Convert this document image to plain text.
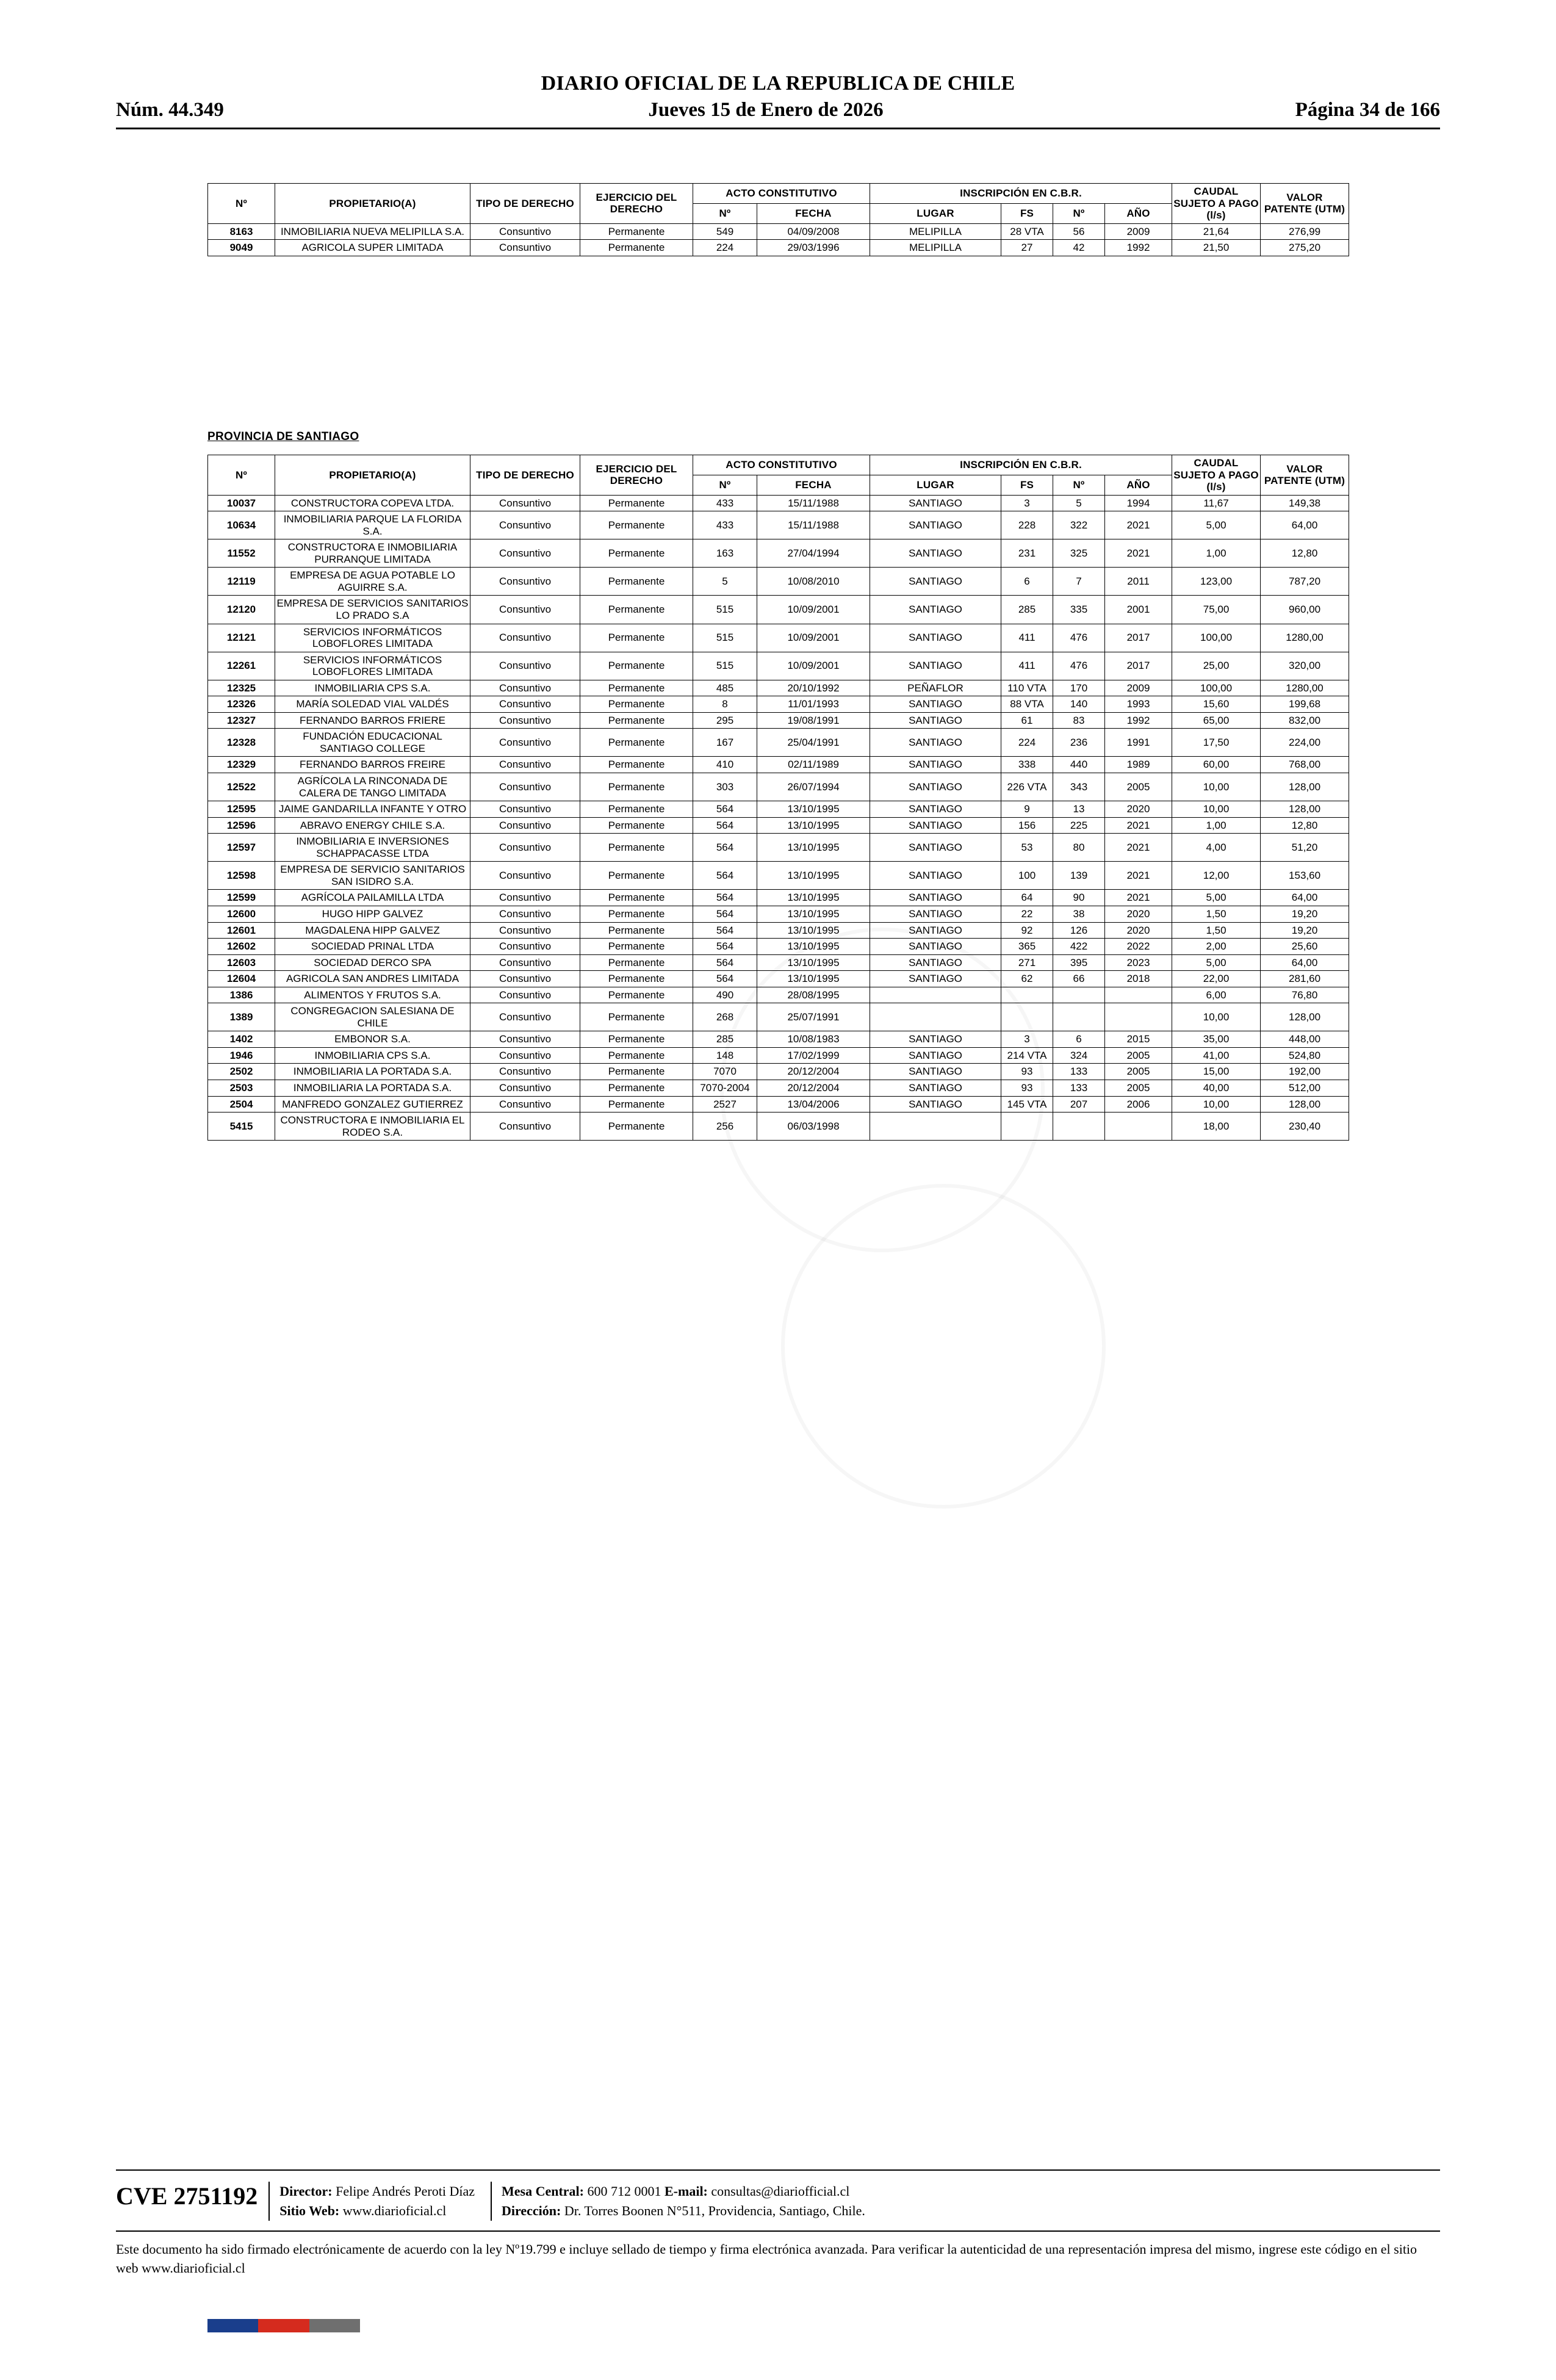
DIARIO OFICIAL DE LA REPUBLICA DE CHILE
Núm. 44.349	Jueves 15 de Enero de 2026	Página 34 de 166
Nº	PROPIETARIO(A)	TIPO DE DERECHO	EJERCICIO DEL DERECHO	ACTO CONSTITUTIVO		INSCRIPCIÓN EN C.B.R.				CAUDAL SUJETO A PAGO (l/s)	VALOR PATENTE (UTM)
				Nº	FECHA	LUGAR	FS	Nº	AÑO		
8163	INMOBILIARIA NUEVA MELIPILLA S.A.	Consuntivo	Permanente	549	04/09/2008	MELIPILLA	28 VTA	56	2009	21,64	276,99
9049	AGRICOLA SUPER LIMITADA	Consuntivo	Permanente	224	29/03/1996	MELIPILLA	27	42	1992	21,50	275,20
PROVINCIA DE SANTIAGO
Nº	PROPIETARIO(A)	TIPO DE DERECHO	EJERCICIO DEL DERECHO	ACTO CONSTITUTIVO		INSCRIPCIÓN EN C.B.R.				CAUDAL SUJETO A PAGO (l/s)	VALOR PATENTE (UTM)
				Nº	FECHA	LUGAR	FS	Nº	AÑO		
10037	CONSTRUCTORA COPEVA LTDA.	Consuntivo	Permanente	433	15/11/1988	SANTIAGO	3	5	1994	11,67	149,38
10634	INMOBILIARIA PARQUE LA FLORIDA S.A.	Consuntivo	Permanente	433	15/11/1988	SANTIAGO	228	322	2021	5,00	64,00
11552	CONSTRUCTORA E INMOBILIARIA PURRANQUE LIMITADA	Consuntivo	Permanente	163	27/04/1994	SANTIAGO	231	325	2021	1,00	12,80
12119	EMPRESA DE AGUA POTABLE LO AGUIRRE S.A.	Consuntivo	Permanente	5	10/08/2010	SANTIAGO	6	7	2011	123,00	787,20
12120	EMPRESA DE SERVICIOS SANITARIOS LO PRADO S.A	Consuntivo	Permanente	515	10/09/2001	SANTIAGO	285	335	2001	75,00	960,00
12121	SERVICIOS INFORMÁTICOS LOBOFLORES LIMITADA	Consuntivo	Permanente	515	10/09/2001	SANTIAGO	411	476	2017	100,00	1280,00
12261	SERVICIOS INFORMÁTICOS LOBOFLORES LIMITADA	Consuntivo	Permanente	515	10/09/2001	SANTIAGO	411	476	2017	25,00	320,00
12325	INMOBILIARIA CPS S.A.	Consuntivo	Permanente	485	20/10/1992	PEÑAFLOR	110 VTA	170	2009	100,00	1280,00
12326	MARÍA SOLEDAD VIAL VALDÉS	Consuntivo	Permanente	8	11/01/1993	SANTIAGO	88 VTA	140	1993	15,60	199,68
12327	FERNANDO BARROS FRIERE	Consuntivo	Permanente	295	19/08/1991	SANTIAGO	61	83	1992	65,00	832,00
12328	FUNDACIÓN EDUCACIONAL SANTIAGO COLLEGE	Consuntivo	Permanente	167	25/04/1991	SANTIAGO	224	236	1991	17,50	224,00
12329	FERNANDO BARROS FREIRE	Consuntivo	Permanente	410	02/11/1989	SANTIAGO	338	440	1989	60,00	768,00
12522	AGRÍCOLA LA RINCONADA DE CALERA DE TANGO LIMITADA	Consuntivo	Permanente	303	26/07/1994	SANTIAGO	226 VTA	343	2005	10,00	128,00
12595	JAIME GANDARILLA INFANTE Y OTRO	Consuntivo	Permanente	564	13/10/1995	SANTIAGO	9	13	2020	10,00	128,00
12596	ABRAVO ENERGY CHILE S.A.	Consuntivo	Permanente	564	13/10/1995	SANTIAGO	156	225	2021	1,00	12,80
12597	INMOBILIARIA E INVERSIONES SCHAPPACASSE LTDA	Consuntivo	Permanente	564	13/10/1995	SANTIAGO	53	80	2021	4,00	51,20
12598	EMPRESA DE SERVICIO SANITARIOS SAN ISIDRO S.A.	Consuntivo	Permanente	564	13/10/1995	SANTIAGO	100	139	2021	12,00	153,60
12599	AGRÍCOLA PAILAMILLA LTDA	Consuntivo	Permanente	564	13/10/1995	SANTIAGO	64	90	2021	5,00	64,00
12600	HUGO HIPP GALVEZ	Consuntivo	Permanente	564	13/10/1995	SANTIAGO	22	38	2020	1,50	19,20
12601	MAGDALENA HIPP GALVEZ	Consuntivo	Permanente	564	13/10/1995	SANTIAGO	92	126	2020	1,50	19,20
12602	SOCIEDAD PRINAL LTDA	Consuntivo	Permanente	564	13/10/1995	SANTIAGO	365	422	2022	2,00	25,60
12603	SOCIEDAD DERCO SPA	Consuntivo	Permanente	564	13/10/1995	SANTIAGO	271	395	2023	5,00	64,00
12604	AGRICOLA SAN ANDRES LIMITADA	Consuntivo	Permanente	564	13/10/1995	SANTIAGO	62	66	2018	22,00	281,60
1386	ALIMENTOS Y FRUTOS S.A.	Consuntivo	Permanente	490	28/08/1995					6,00	76,80
1389	CONGREGACION SALESIANA DE CHILE	Consuntivo	Permanente	268	25/07/1991					10,00	128,00
1402	EMBONOR S.A.	Consuntivo	Permanente	285	10/08/1983	SANTIAGO	3	6	2015	35,00	448,00
1946	INMOBILIARIA CPS S.A.	Consuntivo	Permanente	148	17/02/1999	SANTIAGO	214 VTA	324	2005	41,00	524,80
2502	INMOBILIARIA LA PORTADA S.A.	Consuntivo	Permanente	7070	20/12/2004	SANTIAGO	93	133	2005	15,00	192,00
2503	INMOBILIARIA LA PORTADA S.A.	Consuntivo	Permanente	7070-2004	20/12/2004	SANTIAGO	93	133	2005	40,00	512,00
2504	MANFREDO GONZALEZ GUTIERREZ	Consuntivo	Permanente	2527	13/04/2006	SANTIAGO	145 VTA	207	2006	10,00	128,00
5415	CONSTRUCTORA E INMOBILIARIA EL RODEO S.A.	Consuntivo	Permanente	256	06/03/1998					18,00	230,40
CVE 2751192	Director: Felipe Andrés Peroti Díaz
Sitio Web: www.diarioficial.cl
Mesa Central: 600 712 0001 E-mail: consultas@diariofficial.cl
Dirección: Dr. Torres Boonen N°511, Providencia, Santiago, Chile.
Este documento ha sido firmado electrónicamente de acuerdo con la ley Nº19.799 e incluye sellado de tiempo y firma electrónica avanzada. Para verificar la autenticidad de una representación impresa del mismo, ingrese este código en el sitio web www.diarioficial.cl
